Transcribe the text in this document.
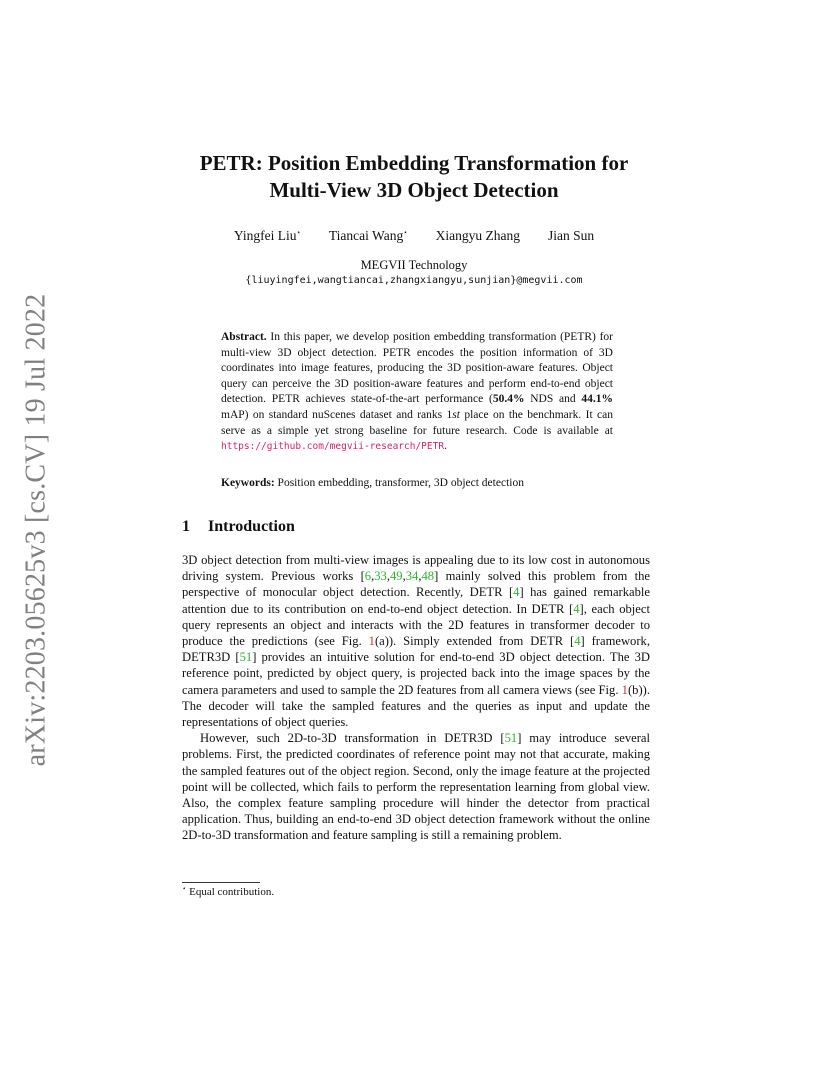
arXiv:2203.05625v3 [cs.CV] 19 Jul 2022
PETR: Position Embedding Transformation for
Multi-View 3D Object Detection
Yingfei Liu⋆ Tiancai Wang⋆ Xiangyu Zhang Jian Sun
MEGVII Technology
{liuyingfei,wangtiancai,zhangxiangyu,sunjian}@megvii.com
Abstract. In this paper, we develop position embedding transformation (PETR) for multi-view 3D object detection. PETR encodes the position information of 3D coordinates into image features, producing the 3D position-aware features. Object query can perceive the 3D position-aware features and perform end-to-end object detection. PETR achieves state-of-the-art performance (50.4% NDS and 44.1% mAP) on standard nuScenes dataset and ranks 1st place on the benchmark. It can serve as a simple yet strong baseline for future research. Code is available at https://github.com/megvii-research/PETR.
Keywords: Position embedding, transformer, 3D object detection
1 Introduction

3D object detection from multi-view images is appealing due to its low cost in autonomous driving system. Previous works [6,33,49,34,48] mainly solved this problem from the perspective of monocular object detection. Recently, DETR [4] has gained remarkable attention due to its contribution on end-to-end object detection. In DETR [4], each object query represents an object and interacts with the 2D features in transformer decoder to produce the predictions (see Fig. 1(a)). Simply extended from DETR [4] framework, DETR3D [51] provides an intuitive solution for end-to-end 3D object detection. The 3D reference point, predicted by object query, is projected back into the image spaces by the camera parameters and used to sample the 2D features from all camera views (see Fig. 1(b)). The decoder will take the sampled features and the queries as input and update the representations of object queries.

However, such 2D-to-3D transformation in DETR3D [51] may introduce several problems. First, the predicted coordinates of reference point may not that accurate, making the sampled features out of the object region. Second, only the image feature at the projected point will be collected, which fails to perform the representation learning from global view. Also, the complex feature sampling procedure will hinder the detector from practical application. Thus, building an end-to-end 3D object detection framework without the online 2D-to-3D transformation and feature sampling is still a remaining problem.

⋆ Equal contribution.
